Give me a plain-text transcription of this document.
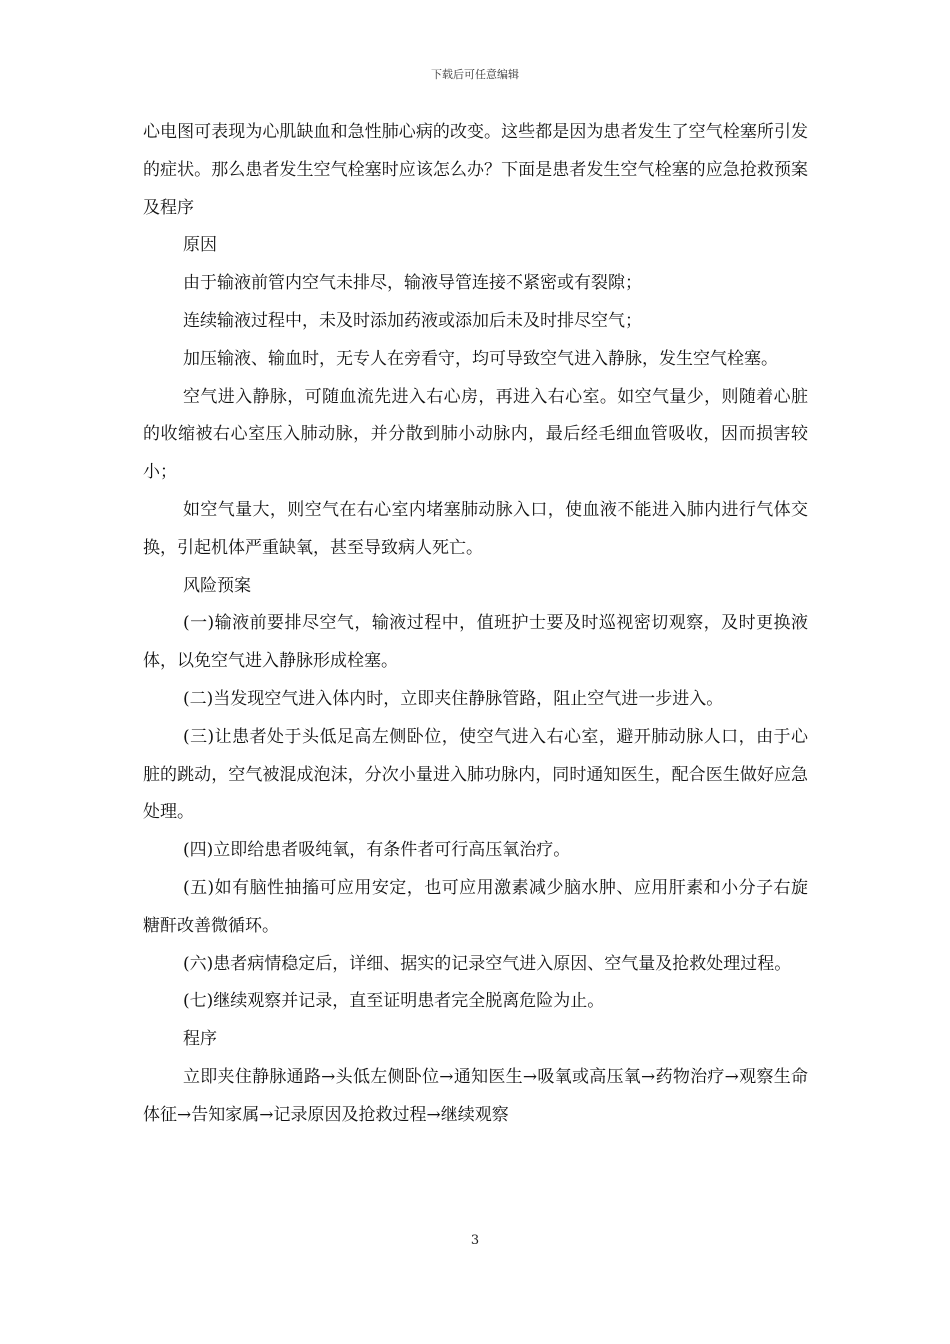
下载后可任意编辑

心电图可表现为心肌缺血和急性肺心病的改变。这些都是因为患者发生了空气栓塞所引发的症状。那么患者发生空气栓塞时应该怎么办？下面是患者发生空气栓塞的应急抢救预案及程序

原因

由于输液前管内空气未排尽，输液导管连接不紧密或有裂隙；

连续输液过程中，未及时添加药液或添加后未及时排尽空气；

加压输液、输血时，无专人在旁看守，均可导致空气进入静脉，发生空气栓塞。

空气进入静脉，可随血流先进入右心房，再进入右心室。如空气量少，则随着心脏的收缩被右心室压入肺动脉，并分散到肺小动脉内，最后经毛细血管吸收，因而损害较小；

如空气量大，则空气在右心室内堵塞肺动脉入口，使血液不能进入肺内进行气体交换，引起机体严重缺氧，甚至导致病人死亡。

风险预案

(一)输液前要排尽空气，输液过程中，值班护士要及时巡视密切观察，及时更换液体，以免空气进入静脉形成栓塞。

(二)当发现空气进入体内时，立即夹住静脉管路，阻止空气进一步进入。

(三)让患者处于头低足高左侧卧位，使空气进入右心室，避开肺动脉人口，由于心脏的跳动，空气被混成泡沫，分次小量进入肺功脉内，同时通知医生，配合医生做好应急处理。

(四)立即给患者吸纯氧，有条件者可行高压氧治疗。

(五)如有脑性抽搐可应用安定，也可应用激素减少脑水肿、应用肝素和小分子右旋糖酐改善微循环。

(六)患者病情稳定后，详细、据实的记录空气进入原因、空气量及抢救处理过程。

(七)继续观察并记录，直至证明患者完全脱离危险为止。

程序

立即夹住静脉通路→头低左侧卧位→通知医生→吸氧或高压氧→药物治疗→观察生命体征→告知家属→记录原因及抢救过程→继续观察

3
